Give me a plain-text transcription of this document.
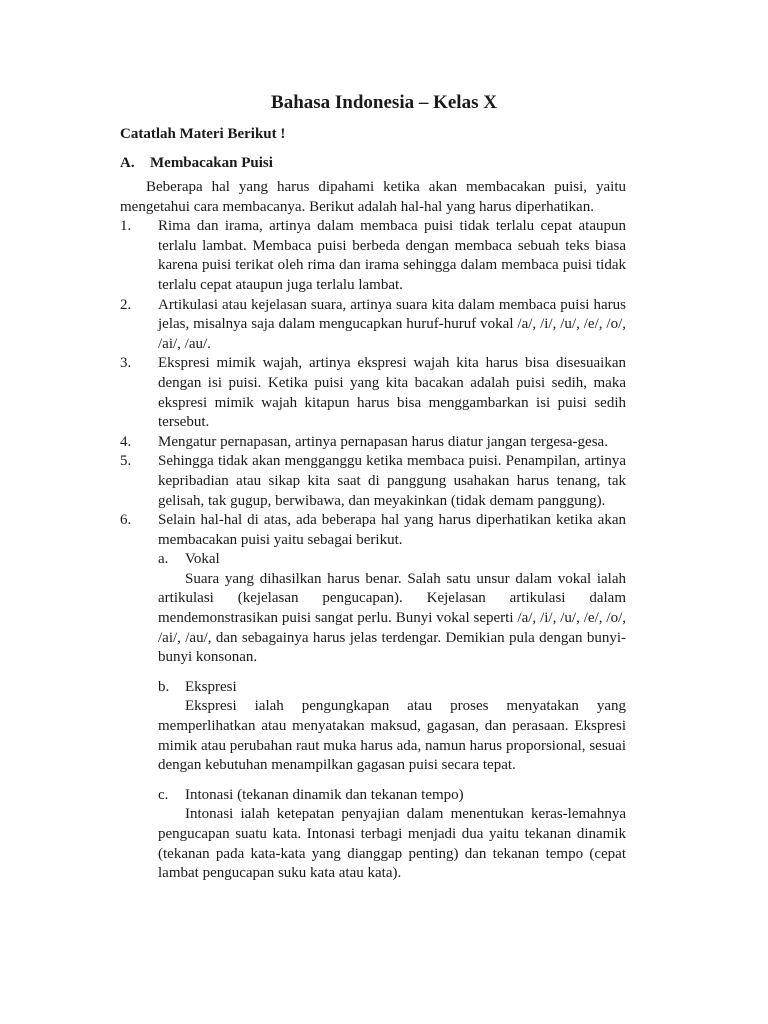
Bahasa Indonesia – Kelas X
Catatlah Materi Berikut !
A. Membacakan Puisi

Beberapa hal yang harus dipahami ketika akan membacakan puisi, yaitu mengetahui cara membacanya. Berikut adalah hal-hal yang harus diperhatikan.

1.	Rima dan irama, artinya dalam membaca puisi tidak terlalu cepat ataupun terlalu lambat. Membaca puisi berbeda dengan membaca sebuah teks biasa karena puisi terikat oleh rima dan irama sehingga dalam membaca puisi tidak terlalu cepat ataupun juga terlalu lambat.
2.	Artikulasi atau kejelasan suara, artinya suara kita dalam membaca puisi harus jelas, misalnya saja dalam mengucapkan huruf-huruf vokal /a/, /i/, /u/, /e/, /o/, /ai/, /au/.
3.	Ekspresi mimik wajah, artinya ekspresi wajah kita harus bisa disesuaikan dengan isi puisi. Ketika puisi yang kita bacakan adalah puisi sedih, maka ekspresi mimik wajah kitapun harus bisa menggambarkan isi puisi sedih tersebut.
4.	Mengatur pernapasan, artinya pernapasan harus diatur jangan tergesa-gesa.
5.	Sehingga tidak akan mengganggu ketika membaca puisi. Penampilan, artinya kepribadian atau sikap kita saat di panggung usahakan harus tenang, tak gelisah, tak gugup, berwibawa, dan meyakinkan (tidak demam panggung).
6.	Selain hal-hal di atas, ada beberapa hal yang harus diperhatikan ketika akan membacakan puisi yaitu sebagai berikut.
a.	Vokal

Suara yang dihasilkan harus benar. Salah satu unsur dalam vokal ialah artikulasi (kejelasan pengucapan). Kejelasan artikulasi dalam mendemonstrasikan puisi sangat perlu. Bunyi vokal seperti /a/, /i/, /u/, /e/, /o/, /ai/, /au/, dan sebagainya harus jelas terdengar. Demikian pula dengan bunyi-bunyi konsonan.

b.	Ekspresi

Ekspresi ialah pengungkapan atau proses menyatakan yang memperlihatkan atau menyatakan maksud, gagasan, dan perasaan. Ekspresi mimik atau perubahan raut muka harus ada, namun harus proporsional, sesuai dengan kebutuhan menampilkan gagasan puisi secara tepat.

c.	Intonasi (tekanan dinamik dan tekanan tempo)

Intonasi ialah ketepatan penyajian dalam menentukan keras-lemahnya pengucapan suatu kata. Intonasi terbagi menjadi dua yaitu tekanan dinamik (tekanan pada kata-kata yang dianggap penting) dan tekanan tempo (cepat lambat pengucapan suku kata atau kata).
